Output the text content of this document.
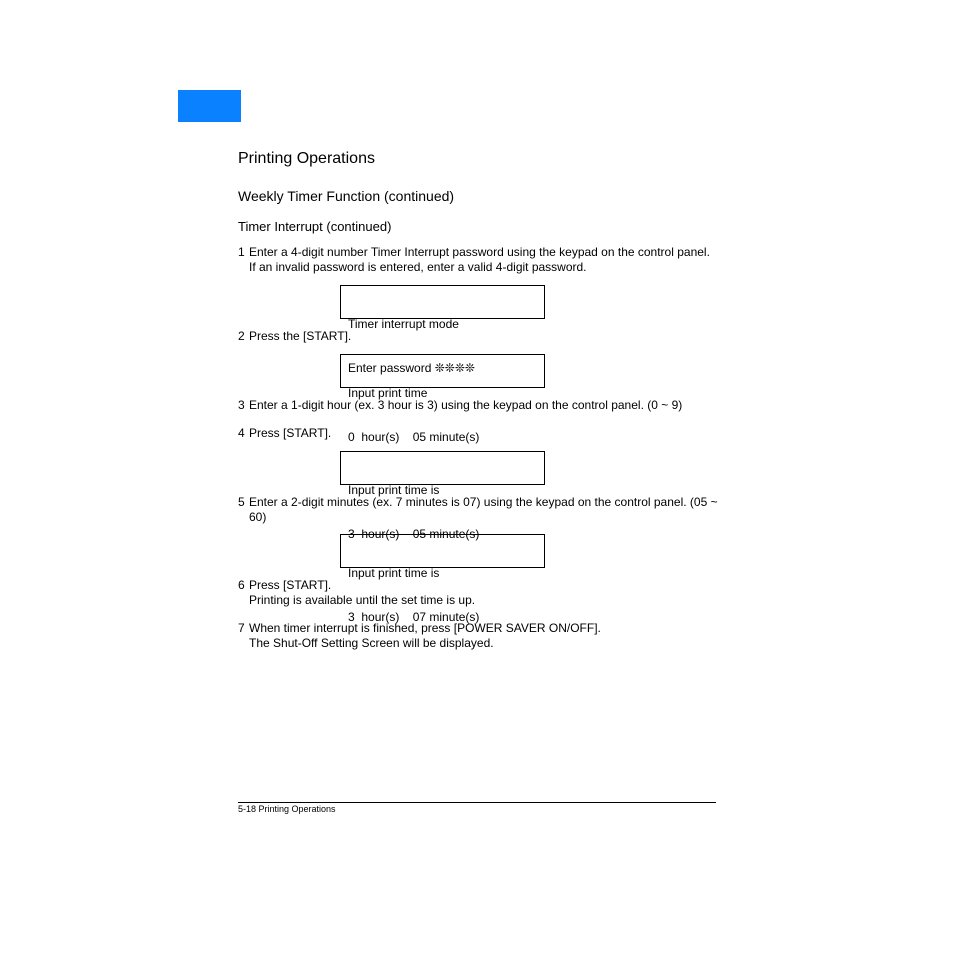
Printing Operations
Weekly Timer Function (continued)
Timer Interrupt (continued)
1 Enter a 4-digit number Timer Interrupt password using the keypad on the control panel.
If an invalid password is entered, enter a valid 4-digit password.

Timer interrupt mode

Enter password ❊❊❊❊

2 Press the [START].

Input print time

0  hour(s)    05 minute(s)

3 Enter a 1-digit hour (ex. 3 hour is 3) using the keypad on the control panel. (0 ~ 9)
4 Press [START].

Input print time is

3  hour(s)    05 minute(s)

5 Enter a 2-digit minutes (ex. 7 minutes is 07) using the keypad on the control panel. (05 ~
60)

Input print time is

3  hour(s)    07 minute(s)

6 Press [START].
Printing is available until the set time is up.
7 When timer interrupt is finished, press [POWER SAVER ON/OFF].
The Shut-Off Setting Screen will be displayed.
5-18 Printing Operations
